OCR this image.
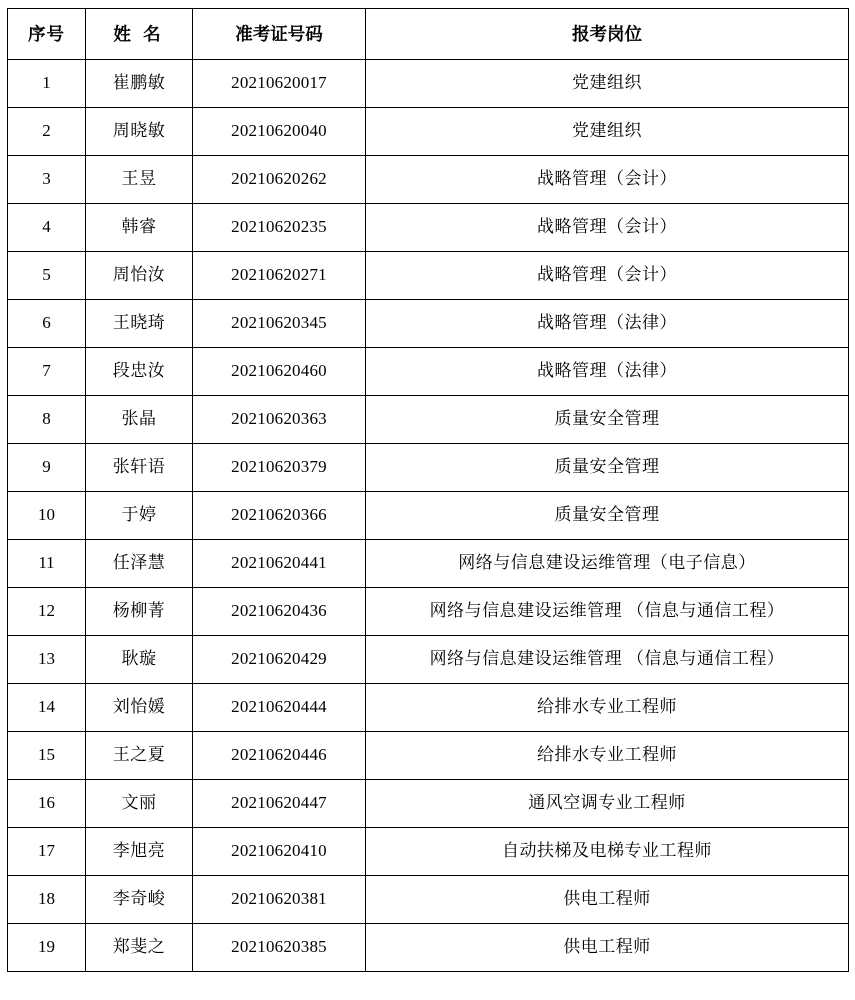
序号	姓 名	准考证号码	报考岗位
1	崔鹏敏	20210620017	党建组织
2	周晓敏	20210620040	党建组织
3	王昱	20210620262	战略管理（会计）
4	韩睿	20210620235	战略管理（会计）
5	周怡汝	20210620271	战略管理（会计）
6	王晓琦	20210620345	战略管理（法律）
7	段忠汝	20210620460	战略管理（法律）
8	张晶	20210620363	质量安全管理
9	张轩语	20210620379	质量安全管理
10	于婷	20210620366	质量安全管理
11	任泽慧	20210620441	网络与信息建设运维管理（电子信息）
12	杨柳菁	20210620436	网络与信息建设运维管理 （信息与通信工程）
13	耿璇	20210620429	网络与信息建设运维管理 （信息与通信工程）
14	刘怡媛	20210620444	给排水专业工程师
15	王之夏	20210620446	给排水专业工程师
16	文丽	20210620447	通风空调专业工程师
17	李旭亮	20210620410	自动扶梯及电梯专业工程师
18	李奇峻	20210620381	供电工程师
19	郑斐之	20210620385	供电工程师
